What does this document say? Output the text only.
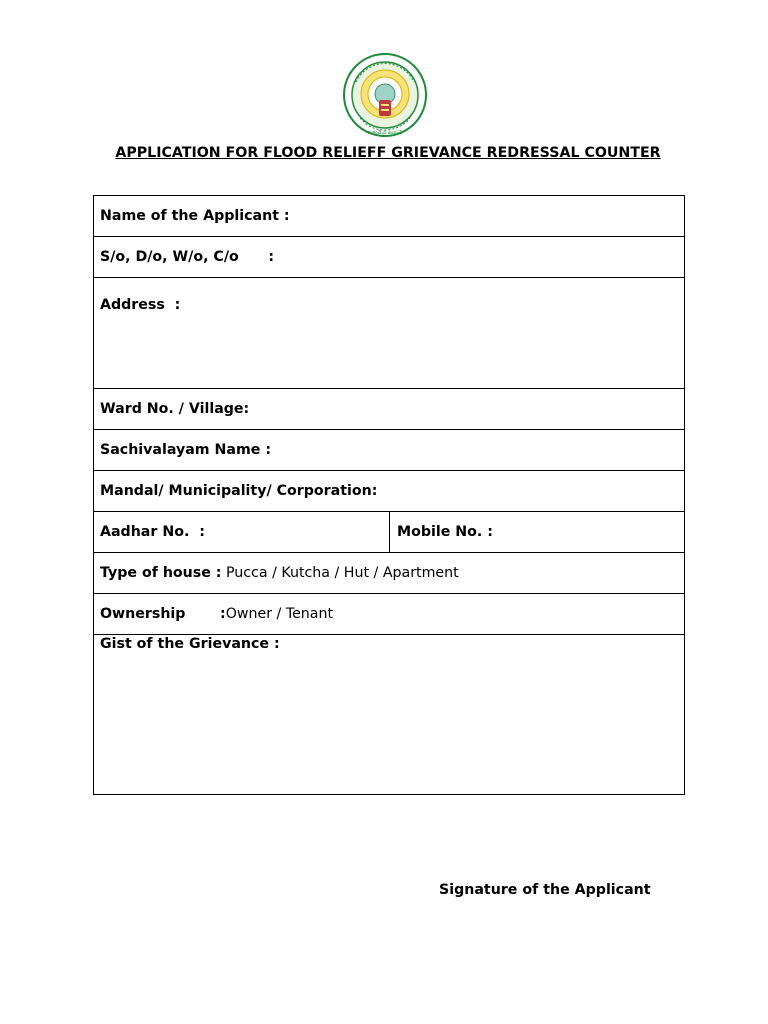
సత్యమేవ జయతే
APPLICATION FOR FLOOD RELIEFF GRIEVANCE REDRESSAL COUNTER
Name of the Applicant :
S/o, D/o, W/o, C/o      :
Address  :
Ward No. / Village:
Sachivalayam Name :
Mandal/ Municipality/ Corporation:
Aadhar No.  :	Mobile No. :
Type of house : Pucca / Kutcha / Hut / Apartment
Ownership       :Owner / Tenant
Gist of the Grievance :
Signature of the Applicant
